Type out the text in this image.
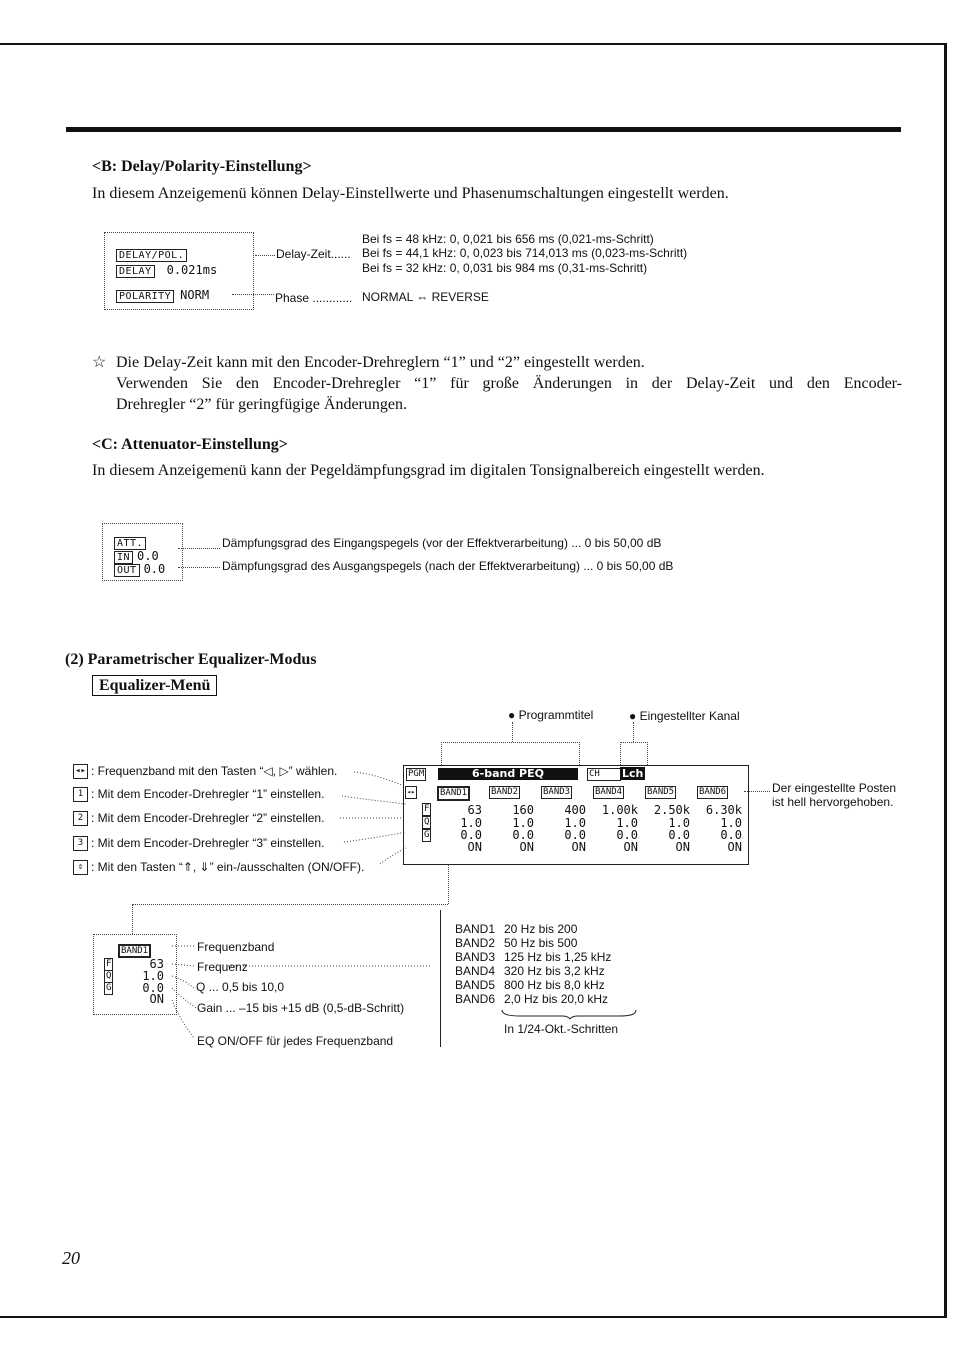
<B: Delay/Polarity-Einstellung>
In diesem Anzeigemenü können Delay-Einstellwerte und Phasenumschaltungen eingestellt werden.
DELAY/POL.
DELAY 0.021ms
POLARITY NORM
Delay-Zeit......
Phase ............
Bei fs = 48 kHz: 0, 0,021 bis 656 ms (0,021-ms-Schritt)
Bei fs = 44,1 kHz: 0, 0,023 bis 714,013 ms (0,023-ms-Schritt)
Bei fs = 32 kHz: 0, 0,031 bis 984 ms (0,31-ms-Schritt)
NORMAL ⇔ REVERSE
☆ Die Delay-Zeit kann mit den Encoder-Drehreglern “1” und “2” eingestellt werden.
Verwenden Sie den Encoder-Drehregler “1” für große Änderungen in der Delay-Zeit und den Encoder-
Drehregler “2” für geringfügige Änderungen.
<C: Attenuator-Einstellung>
In diesem Anzeigemenü kann der Pegeldämpfungsgrad im digitalen Tonsignalbereich eingestellt werden.
ATT.
IN 0.0
OUT 0.0
Dämpfungsgrad des Eingangspegels (vor der Effektverarbeitung) ... 0 bis 50,00 dB
Dämpfungsgrad des Ausgangspegels (nach der Effektverarbeitung) ... 0 bis 50,00 dB
(2) Parametrischer Equalizer-Modus
Equalizer-Menü
● Programmtitel	● Eingestellter Kanal
◂▸ : Frequenzband mit den Tasten “◁, ▷” wählen.
1 : Mit dem Encoder-Drehregler “1” einstellen.
2 : Mit dem Encoder-Drehregler “2” einstellen.
3 : Mit dem Encoder-Drehregler “3” einstellen.
⇕ : Mit den Tasten “⇑, ⇓” ein-/ausschalten (ON/OFF).
PGM	6-band PEQ	CH	Lch
◂▸	BAND1	BAND2	BAND3	BAND4	BAND5	BAND6
F
Q
G
63	160	400	1.00k	2.50k	6.30k
1.0	1.0	1.0	1.0	1.0	1.0
0.0	0.0	0.0	0.0	0.0	0.0
ON	ON	ON	ON	ON	ON
Der eingestellte Posten
ist hell hervorgehoben.
BAND1
F
Q
G
63
1.0
0.0
ON
Frequenzband
Frequenz
Q ... 0,5 bis 10,0
Gain ... –15 bis +15 dB (0,5-dB-Schritt)
EQ ON/OFF für jedes Frequenzband
BAND1 20 Hz bis 200
BAND2 50 Hz bis 500
BAND3 125 Hz bis 1,25 kHz
BAND4 320 Hz bis 3,2 kHz
BAND5 800 Hz bis 8,0 kHz
BAND6 2,0 Hz bis 20,0 kHz
In 1/24-Okt.-Schritten
20
